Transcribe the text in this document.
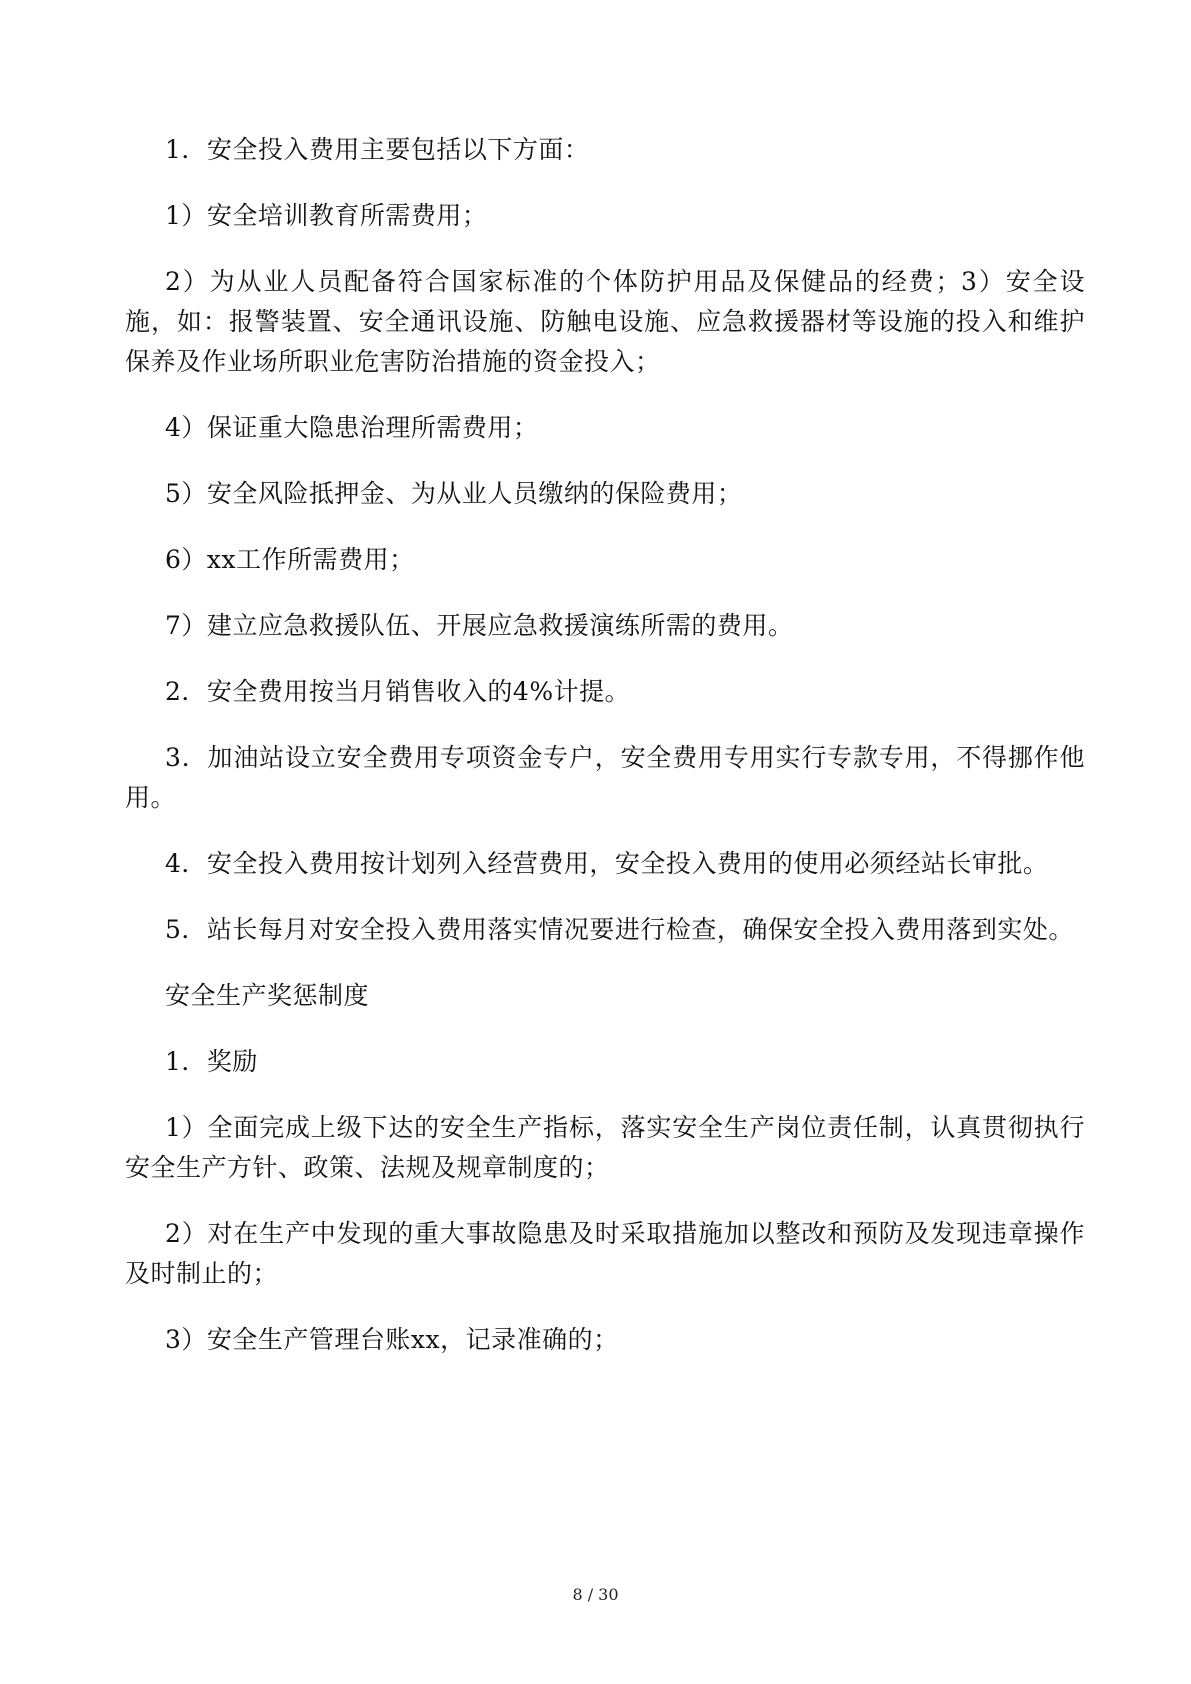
1．安全投入费用主要包括以下方面：

1）安全培训教育所需费用；

2）为从业人员配备符合国家标准的个体防护用品及保健品的经费；3）安全设施，如：报警装置、安全通讯设施、防触电设施、应急救援器材等设施的投入和维护保养及作业场所职业危害防治措施的资金投入；

4）保证重大隐患治理所需费用；

5）安全风险抵押金、为从业人员缴纳的保险费用；

6）xx工作所需费用；

7）建立应急救援队伍、开展应急救援演练所需的费用。

2．安全费用按当月销售收入的4%计提。

3．加油站设立安全费用专项资金专户，安全费用专用实行专款专用，不得挪作他用。

4．安全投入费用按计划列入经营费用，安全投入费用的使用必须经站长审批。

5．站长每月对安全投入费用落实情况要进行检查，确保安全投入费用落到实处。

安全生产奖惩制度

1．奖励

1）全面完成上级下达的安全生产指标，落实安全生产岗位责任制，认真贯彻执行安全生产方针、政策、法规及规章制度的；

2）对在生产中发现的重大事故隐患及时采取措施加以整改和预防及发现违章操作及时制止的；

3）安全生产管理台账xx，记录准确的；

8 / 30
